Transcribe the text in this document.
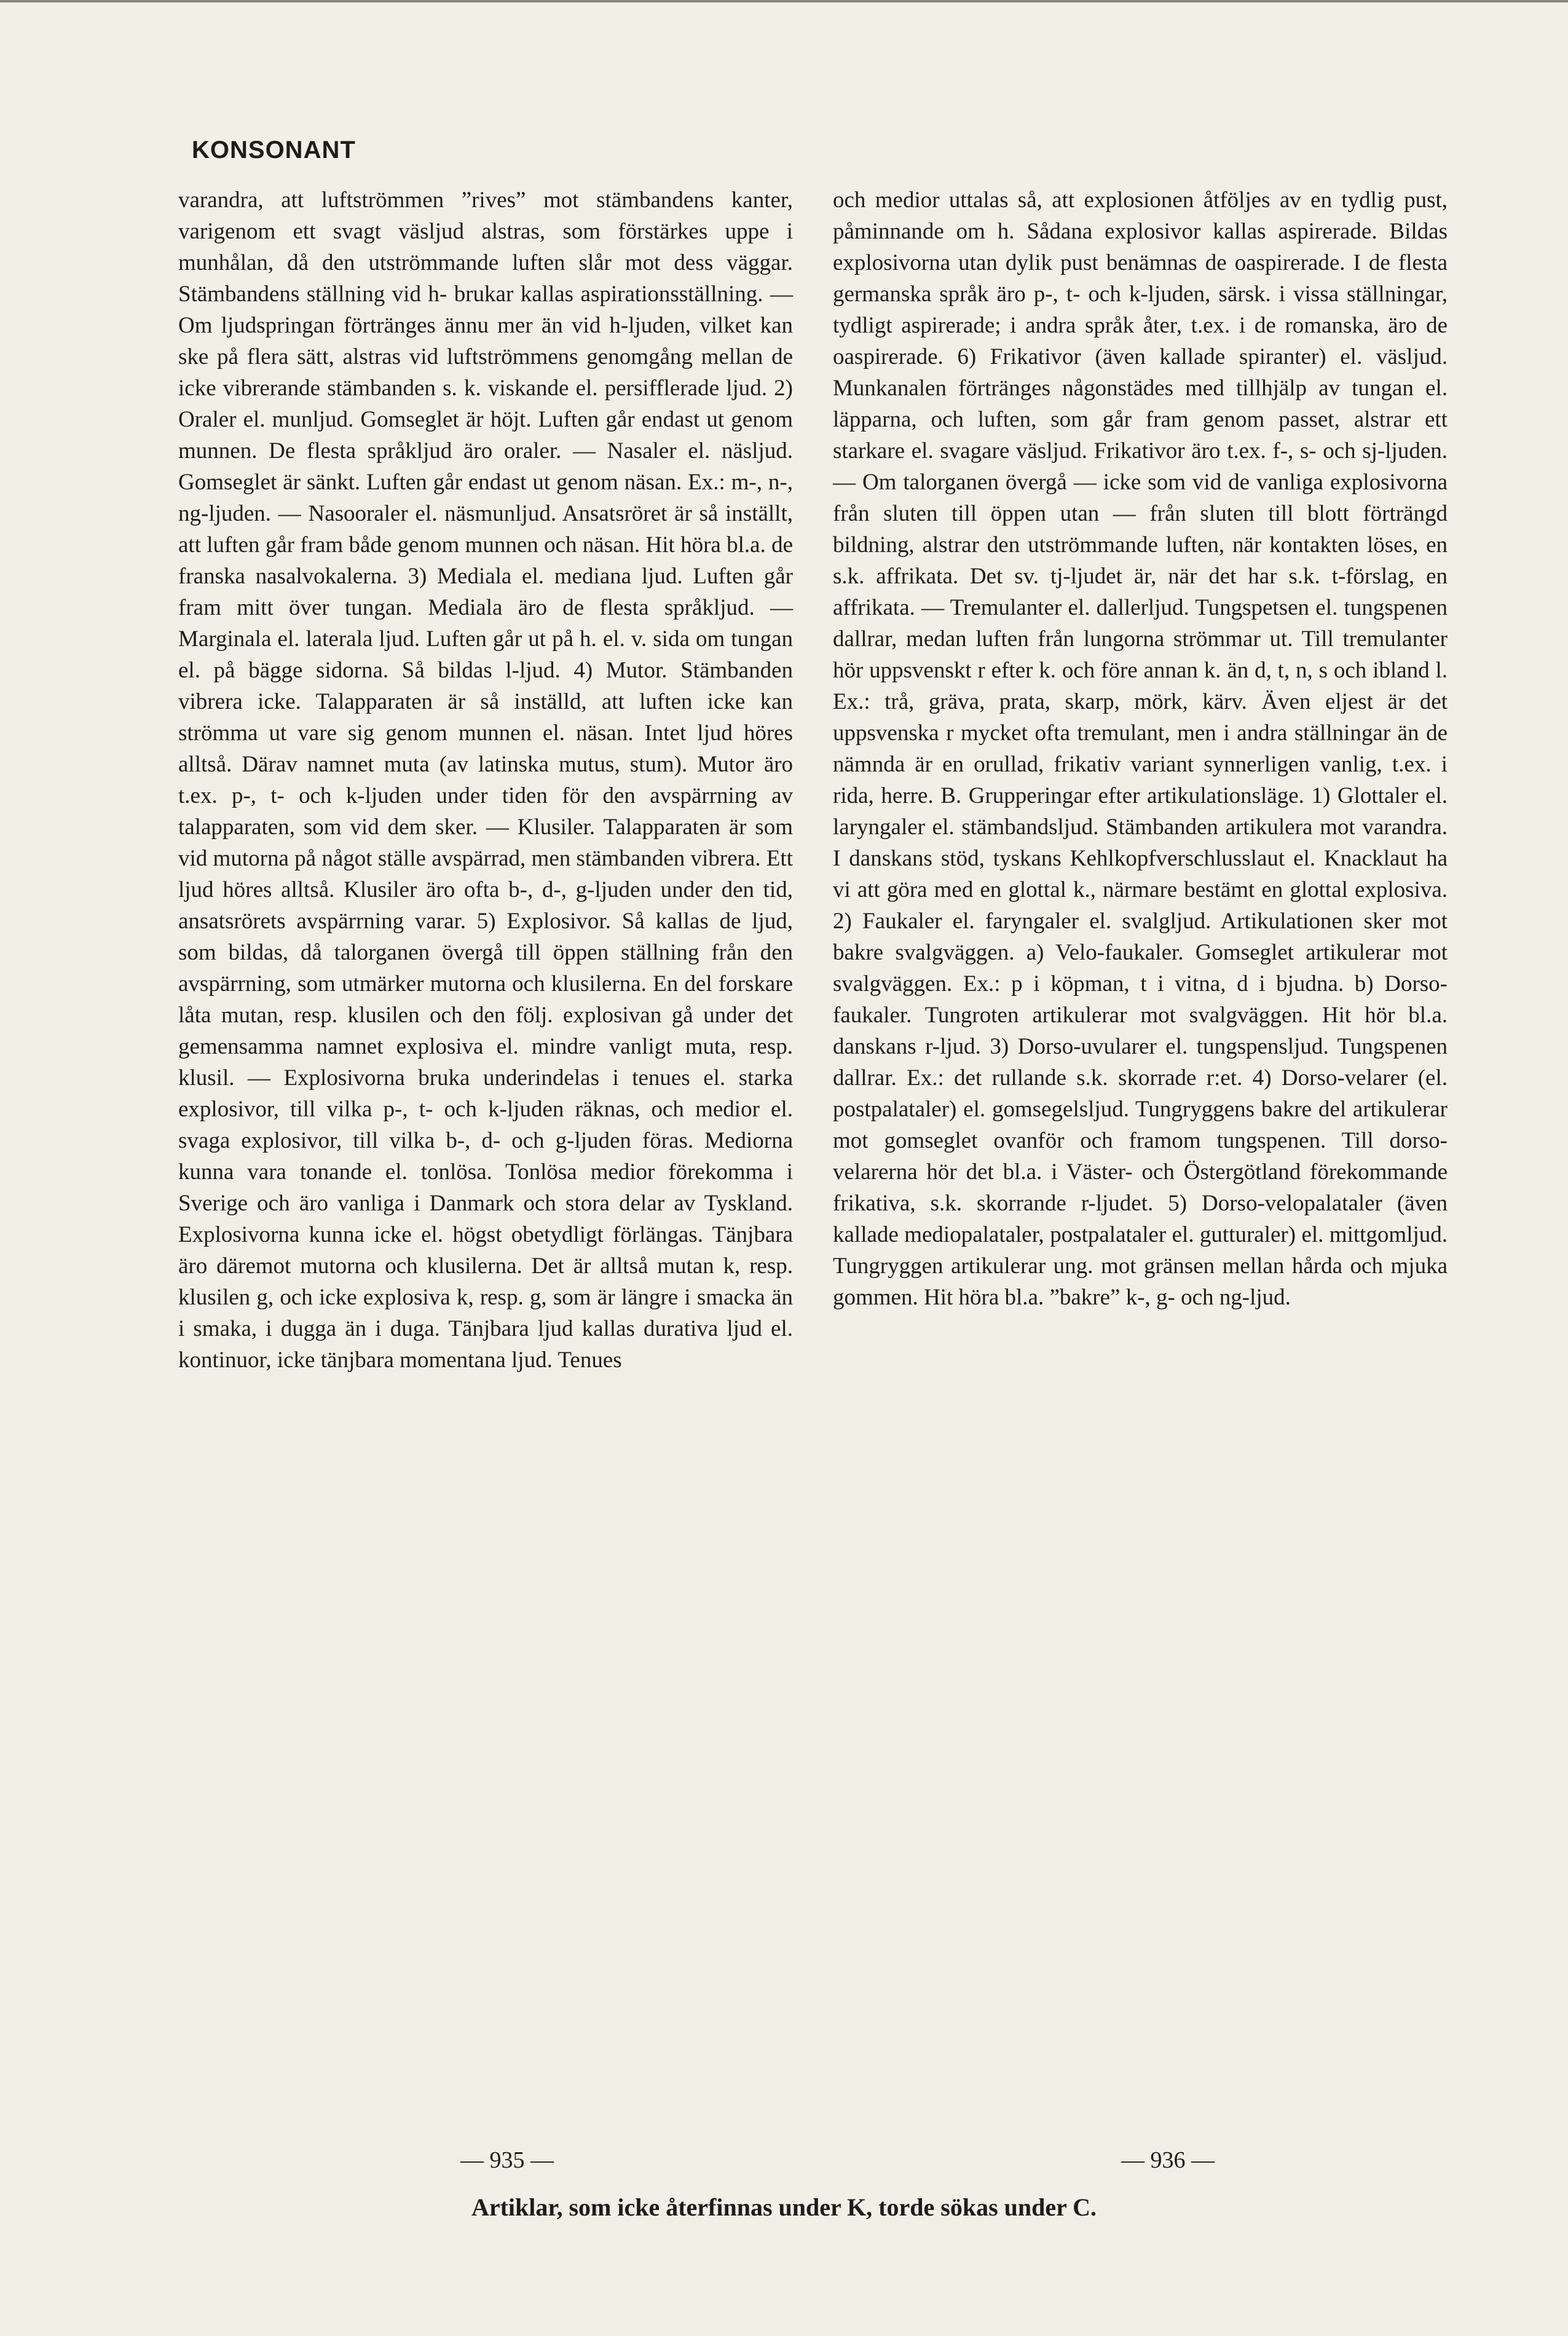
KONSONANT

varandra, att luftströmmen ”rives” mot stämbandens kanter, varigenom ett svagt väsljud alstras, som förstärkes uppe i munhålan, då den utströmmande luften slår mot dess väggar. Stämbandens ställning vid h- brukar kallas aspirationsställning. — Om ljudspringan förtränges ännu mer än vid h-ljuden, vilket kan ske på flera sätt, alstras vid luftströmmens genomgång mellan de icke vibrerande stämbanden s. k. viskande el. persifflerade ljud. 2) Oraler el. munljud. Gomseglet är höjt. Luften går endast ut genom munnen. De flesta språkljud äro oraler. — Nasaler el. näsljud. Gomseglet är sänkt. Luften går endast ut genom näsan. Ex.: m-, n-, ng-ljuden. — Nasooraler el. näsmunljud. Ansatsröret är så inställt, att luften går fram både genom munnen och näsan. Hit höra bl.a. de franska nasalvokalerna. 3) Mediala el. mediana ljud. Luften går fram mitt över tungan. Mediala äro de flesta språkljud. — Marginala el. laterala ljud. Luften går ut på h. el. v. sida om tungan el. på bägge sidorna. Så bildas l-ljud. 4) Mutor. Stämbanden vibrera icke. Talapparaten är så inställd, att luften icke kan strömma ut vare sig genom munnen el. näsan. Intet ljud höres alltså. Därav namnet muta (av latinska mutus, stum). Mutor äro t.ex. p-, t- och k-ljuden under tiden för den avspärrning av talapparaten, som vid dem sker. — Klusiler. Talapparaten är som vid mutorna på något ställe avspärrad, men stämbanden vibrera. Ett ljud höres alltså. Klusiler äro ofta b-, d-, g-ljuden under den tid, ansatsrörets avspärrning varar. 5) Explosivor. Så kallas de ljud, som bildas, då talorganen övergå till öppen ställning från den avspärrning, som utmärker mutorna och klusilerna. En del forskare låta mutan, resp. klusilen och den följ. explosivan gå under det gemensamma namnet explosiva el. mindre vanligt muta, resp. klusil. — Explosivorna bruka underindelas i tenues el. starka explosivor, till vilka p-, t- och k-ljuden räknas, och medior el. svaga explosivor, till vilka b-, d- och g-ljuden föras. Mediorna kunna vara tonande el. tonlösa. Tonlösa medior förekomma i Sverige och äro vanliga i Danmark och stora delar av Tyskland. Explosivorna kunna icke el. högst obetydligt förlängas. Tänjbara äro däremot mutorna och klusilerna. Det är alltså mutan k, resp. klusilen g, och icke explosiva k, resp. g, som är längre i smacka än i smaka, i dugga än i duga. Tänjbara ljud kallas durativa ljud el. kontinuor, icke tänjbara momentana ljud. Tenues

och medior uttalas så, att explosionen åtföljes av en tydlig pust, påminnande om h. Sådana explosivor kallas aspirerade. Bildas explosivorna utan dylik pust benämnas de oaspirerade. I de flesta germanska språk äro p-, t- och k-ljuden, särsk. i vissa ställningar, tydligt aspirerade; i andra språk åter, t.ex. i de romanska, äro de oaspirerade. 6) Frikativor (även kallade spiranter) el. väsljud. Munkanalen förtränges någonstädes med tillhjälp av tungan el. läpparna, och luften, som går fram genom passet, alstrar ett starkare el. svagare väsljud. Frikativor äro t.ex. f-, s- och sj-ljuden. — Om talorganen övergå — icke som vid de vanliga explosivorna från sluten till öppen utan — från sluten till blott förträngd bildning, alstrar den utströmmande luften, när kontakten löses, en s.k. affrikata. Det sv. tj-ljudet är, när det har s.k. t-förslag, en affrikata. — Tremulanter el. dallerljud. Tungspetsen el. tungspenen dallrar, medan luften från lungorna strömmar ut. Till tremulanter hör uppsvenskt r efter k. och före annan k. än d, t, n, s och ibland l. Ex.: trå, gräva, prata, skarp, mörk, kärv. Även eljest är det uppsvenska r mycket ofta tremulant, men i andra ställningar än de nämnda är en orullad, frikativ variant synnerligen vanlig, t.ex. i rida, herre. B. Grupperingar efter artikulationsläge. 1) Glottaler el. laryngaler el. stämbandsljud. Stämbanden artikulera mot varandra. I danskans stöd, tyskans Kehlkopfverschlusslaut el. Knacklaut ha vi att göra med en glottal k., närmare bestämt en glottal explosiva. 2) Faukaler el. faryngaler el. svalgljud. Artikulationen sker mot bakre svalgväggen. a) Velo-faukaler. Gomseglet artikulerar mot svalgväggen. Ex.: p i köpman, t i vitna, d i bjudna. b) Dorso-faukaler. Tungroten artikulerar mot svalgväggen. Hit hör bl.a. danskans r-ljud. 3) Dorso-uvularer el. tungspensljud. Tungspenen dallrar. Ex.: det rullande s.k. skorrade r:et. 4) Dorso-velarer (el. postpalataler) el. gomsegelsljud. Tungryggens bakre del artikulerar mot gomseglet ovanför och framom tungspenen. Till dorso-velarerna hör det bl.a. i Väster- och Östergötland förekommande frikativa, s.k. skorrande r-ljudet. 5) Dorso-velopalataler (även kallade mediopalataler, postpalataler el. gutturaler) el. mittgomljud. Tungryggen artikulerar ung. mot gränsen mellan hårda och mjuka gommen. Hit höra bl.a. ”bakre” k-, g- och ng-ljud.

— 935 —	— 936 —
Artiklar, som icke återfinnas under K, torde sökas under C.
